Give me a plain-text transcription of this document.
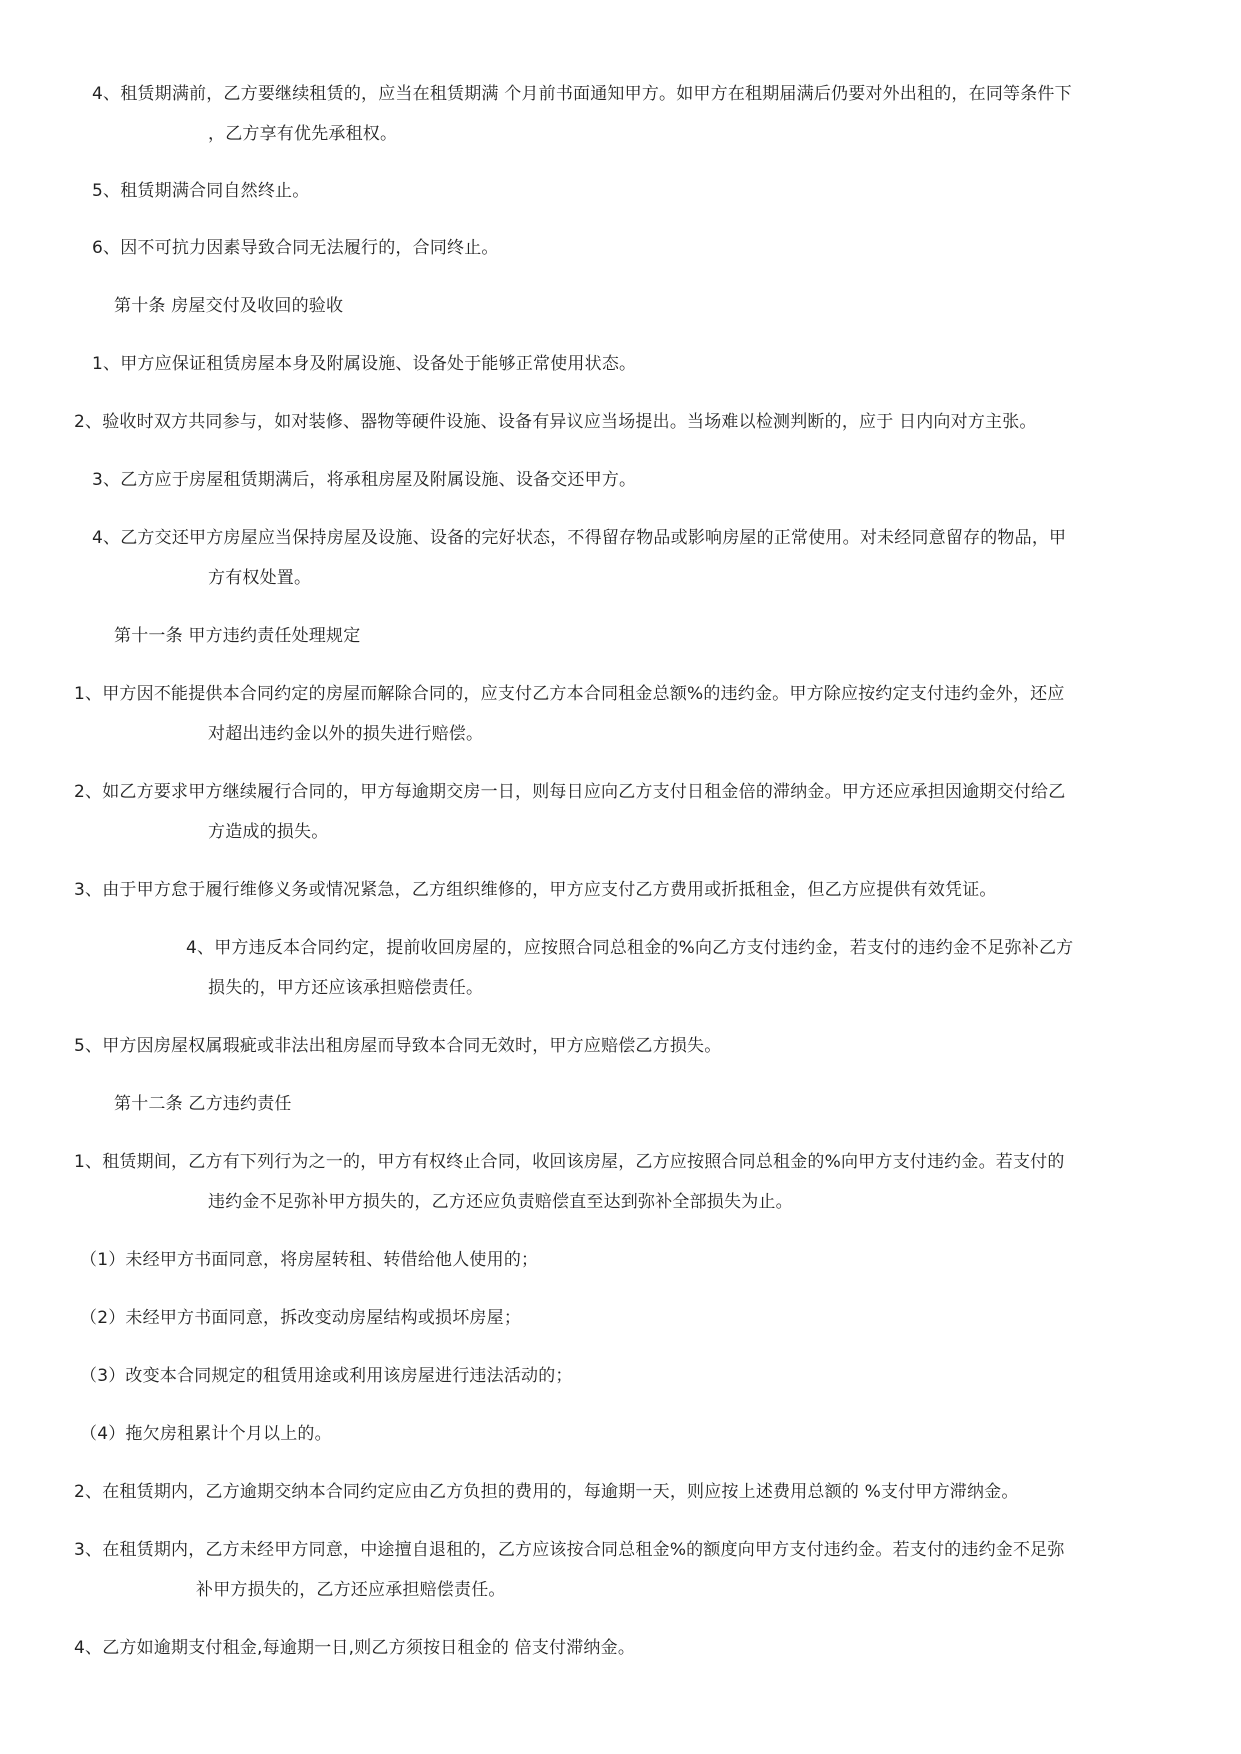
4、租赁期满前，乙方要继续租赁的，应当在租赁期满 个月前书面通知甲方。如甲方在租期届满后仍要对外出租的，在同等条件下
，乙方享有优先承租权。
5、租赁期满合同自然终止。
6、因不可抗力因素导致合同无法履行的，合同终止。
第十条 房屋交付及收回的验收
1、甲方应保证租赁房屋本身及附属设施、设备处于能够正常使用状态。
2、验收时双方共同参与，如对装修、器物等硬件设施、设备有异议应当场提出。当场难以检测判断的，应于 日内向对方主张。
3、乙方应于房屋租赁期满后，将承租房屋及附属设施、设备交还甲方。
4、乙方交还甲方房屋应当保持房屋及设施、设备的完好状态，不得留存物品或影响房屋的正常使用。对未经同意留存的物品，甲
方有权处置。
第十一条 甲方违约责任处理规定
1、甲方因不能提供本合同约定的房屋而解除合同的，应支付乙方本合同租金总额%的违约金。甲方除应按约定支付违约金外，还应
对超出违约金以外的损失进行赔偿。
2、如乙方要求甲方继续履行合同的，甲方每逾期交房一日，则每日应向乙方支付日租金倍的滞纳金。甲方还应承担因逾期交付给乙
方造成的损失。
3、由于甲方怠于履行维修义务或情况紧急，乙方组织维修的，甲方应支付乙方费用或折抵租金，但乙方应提供有效凭证。
4、甲方违反本合同约定，提前收回房屋的，应按照合同总租金的%向乙方支付违约金，若支付的违约金不足弥补乙方
损失的，甲方还应该承担赔偿责任。
5、甲方因房屋权属瑕疵或非法出租房屋而导致本合同无效时，甲方应赔偿乙方损失。
第十二条 乙方违约责任
1、租赁期间，乙方有下列行为之一的，甲方有权终止合同，收回该房屋，乙方应按照合同总租金的%向甲方支付违约金。若支付的
违约金不足弥补甲方损失的，乙方还应负责赔偿直至达到弥补全部损失为止。
（1）未经甲方书面同意，将房屋转租、转借给他人使用的；
（2）未经甲方书面同意，拆改变动房屋结构或损坏房屋；
（3）改变本合同规定的租赁用途或利用该房屋进行违法活动的；
（4）拖欠房租累计个月以上的。
2、在租赁期内，乙方逾期交纳本合同约定应由乙方负担的费用的，每逾期一天，则应按上述费用总额的 %支付甲方滞纳金。
3、在租赁期内，乙方未经甲方同意，中途擅自退租的，乙方应该按合同总租金%的额度向甲方支付违约金。若支付的违约金不足弥
补甲方损失的，乙方还应承担赔偿责任。
4、乙方如逾期支付租金,每逾期一日,则乙方须按日租金的 倍支付滞纳金。
